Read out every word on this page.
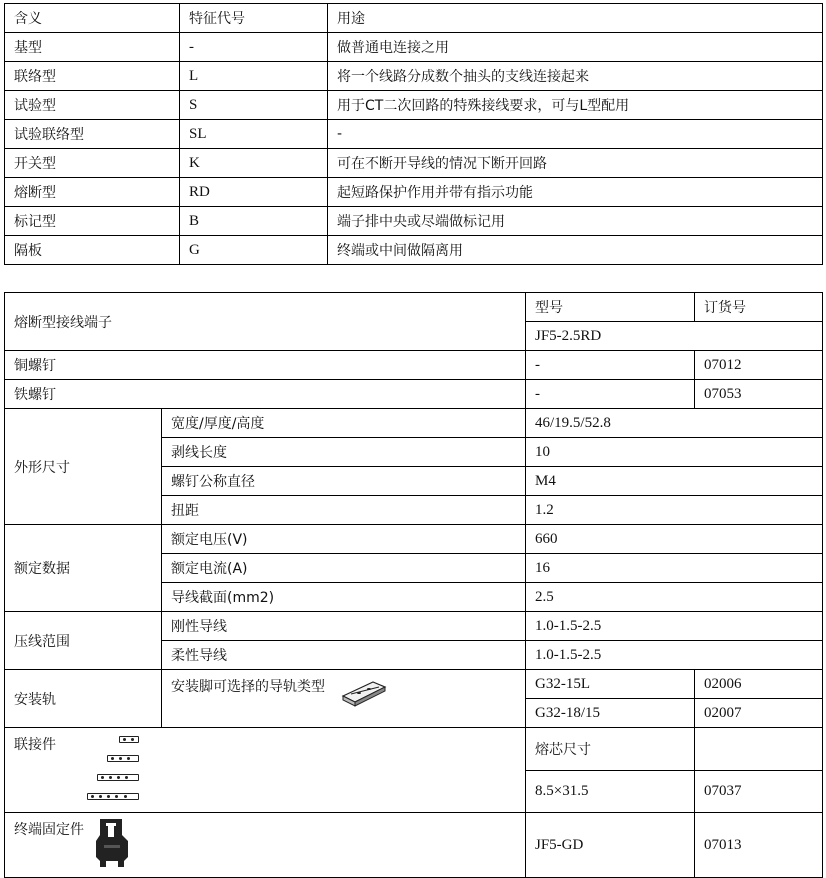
含义	特征代号	用途
基型	-	做普通电连接之用
联络型	L	将一个线路分成数个抽头的支线连接起来
试验型	S	用于CT二次回路的特殊接线要求，可与L型配用
试验联络型	SL	-
开关型	K	可在不断开导线的情况下断开回路
熔断型	RD	起短路保护作用并带有指示功能
标记型	B	端子排中央或尽端做标记用
隔板	G	终端或中间做隔离用
熔断型接线端子		型号	订货号
		JF5-2.5RD	
铜螺钉		-	07012
铁螺钉		-	07053
外形尺寸	宽度/厚度/高度	46/19.5/52.8	
	剥线长度	10	
	螺钉公称直径	M4	
	扭距	1.2	
额定数据	额定电压(V)	660	
	额定电流(A)	16	
	导线截面(mm2)	2.5	
压线范围	刚性导线	1.0-1.5-2.5	
	柔性导线	1.0-1.5-2.5	
安装轨	安装脚可选择的导轨类型	G32-15L	02006
		G32-18/15	02007
联接件		熔芯尺寸	
		8.5×31.5	07037
终端固定件		JF5-GD	07013
